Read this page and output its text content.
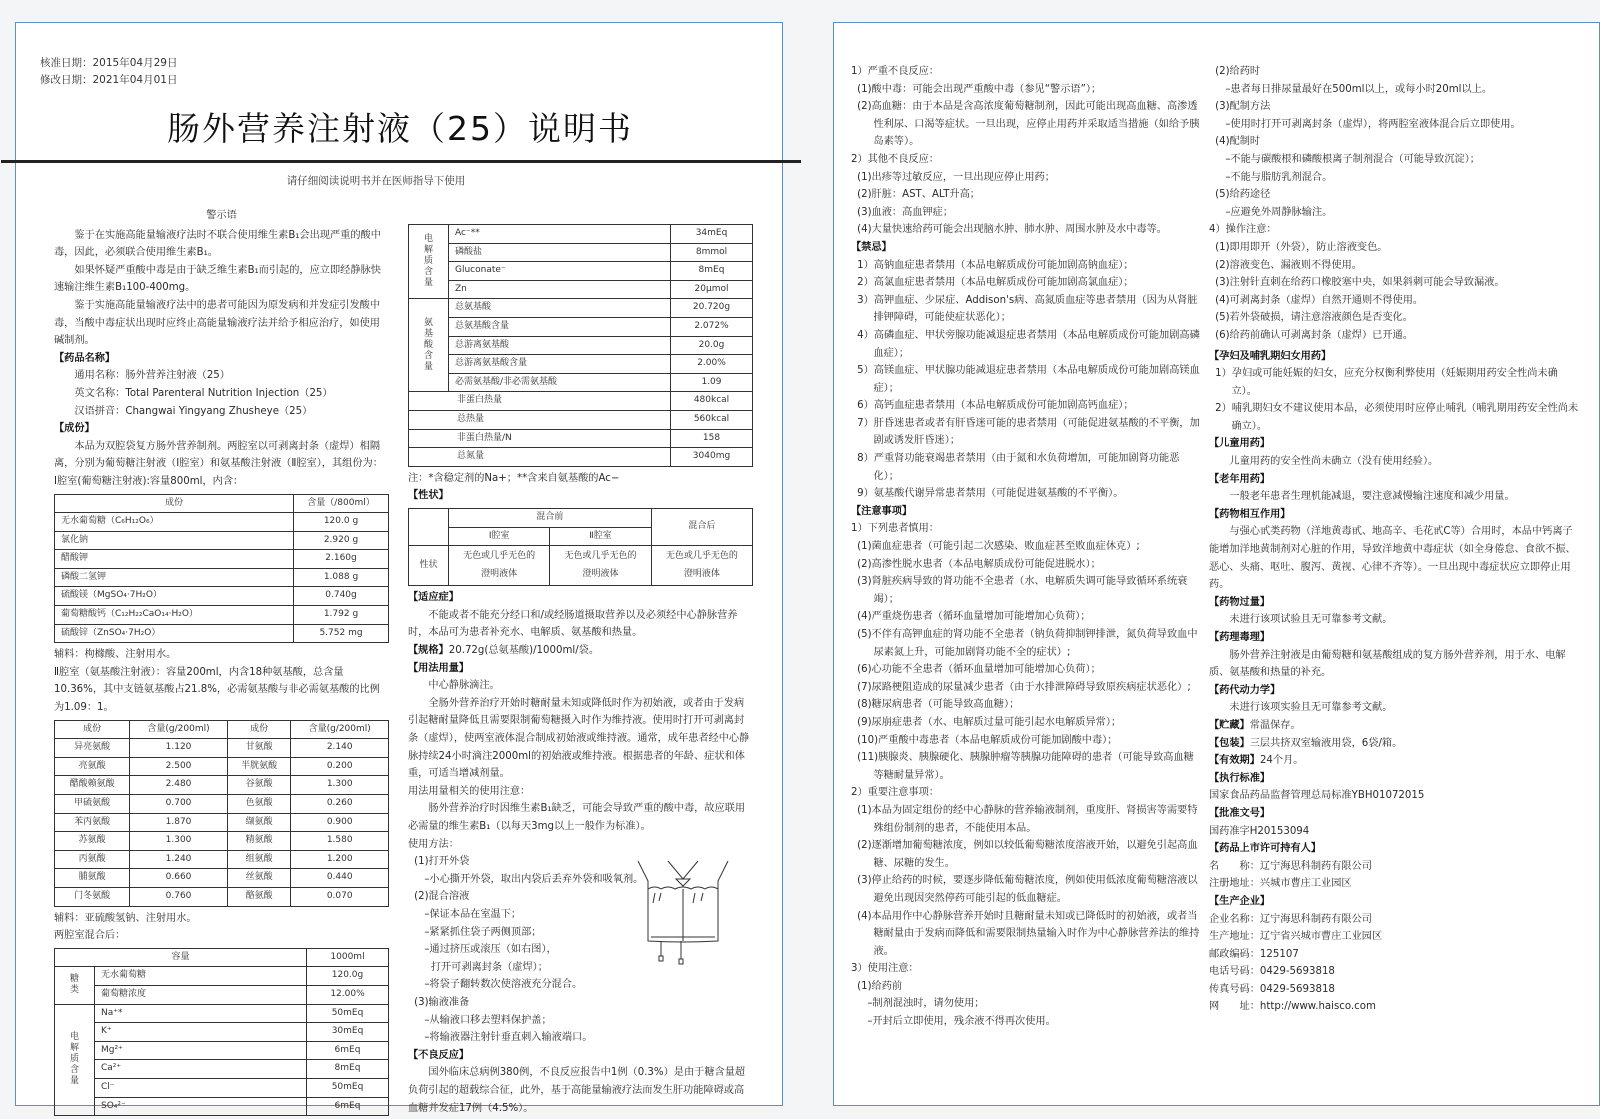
核准日期：2015年04月29日
修改日期：2021年04月01日
肠外营养注射液（25）说明书
请仔细阅读说明书并在医师指导下使用
警示语
鉴于在实施高能量输液疗法时不联合使用维生素B₁会出现严重的酸中毒，因此，必须联合使用维生素B₁。
如果怀疑严重酸中毒是由于缺乏维生素B₁而引起的，应立即经静脉快速输注维生素B₁100-400mg。
鉴于实施高能量输液疗法中的患者可能因为原发病和并发症引发酸中毒，当酸中毒症状出现时应终止高能量输液疗法并给予相应治疗，如使用碱制剂。
【药品名称】
通用名称：肠外营养注射液（25）
英文名称：Total Parenteral Nutrition Injection（25）
汉语拼音：Changwai Yingyang Zhusheye（25）
【成份】
本品为双腔袋复方肠外营养制剂。两腔室以可剥离封条（虚焊）相隔离，分别为葡萄糖注射液（Ⅰ腔室）和氨基酸注射液（Ⅱ腔室），其组份为：
Ⅰ腔室(葡萄糖注射液):容量800ml，内含：
成份	含量（/800ml）
无水葡萄糖（C₆H₁₂O₆）	120.0 g
氯化钠	2.920 g
醋酸钾	2.160g
磷酸二氢钾	1.088 g
硫酸镁（MgSO₄·7H₂O）	0.740g
葡萄糖酸钙（C₁₂H₂₂CaO₁₄·H₂O）	1.792 g
硫酸锌（ZnSO₄·7H₂O）	5.752 mg
辅料：枸橼酸、注射用水。
Ⅱ腔室（氨基酸注射液）：容量200ml，内含18种氨基酸，总含量10.36%，其中支链氨基酸占21.8%，必需氨基酸与非必需氨基酸的比例为1.09：1。
成份	含量(g/200ml)	成份	含量(g/200ml)
异亮氨酸	1.120	甘氨酸	2.140
亮氨酸	2.500	半胱氨酸	0.200
醋酸赖氨酸	2.480	谷氨酸	1.300
甲硫氨酸	0.700	色氨酸	0.260
苯丙氨酸	1.870	缬氨酸	0.900
苏氨酸	1.300	精氨酸	1.580
丙氨酸	1.240	组氨酸	1.200
脯氨酸	0.660	丝氨酸	0.440
门冬氨酸	0.760	酪氨酸	0.070
辅料：亚硫酸氢钠、注射用水。
两腔室混合后：
容量		1000ml

糖
类	无水葡萄糖	120.0g
	葡萄糖浓度	12.00%

电
解
质
含
量	Na⁺*	50mEq
	K⁺	30mEq
	Mg²⁺	6mEq
	Ca²⁺	8mEq
	Cl⁻	50mEq
	SO₄²⁻	6mEq
电
解
质
含
量	Ac⁻**	34mEq
	磷酸盐	8mmol
	Gluconate⁻	8mEq
	Zn	20μmol

氨
基
酸
含
量	总氨基酸	20.720g
	总氨基酸含量	2.072%
	总游离氨基酸	20.0g
	总游离氨基酸含量	2.00%
	必需氨基酸/非必需氨基酸	1.09
非蛋白热量		480kcal
总热量		560kcal
非蛋白热量/N		158
总氮量		3040mg
注：*含稳定剂的Na+；**含来自氨基酸的Ac−
【性状】
	混合前		混合后
	Ⅰ腔室	Ⅱ腔室	
性状	无色或几乎无色的澄明液体	无色或几乎无色的澄明液体	无色或几乎无色的澄明液体
【适应症】
不能或者不能充分经口和/或经肠道摄取营养以及必须经中心静脉营养时，本品可为患者补充水、电解质、氨基酸和热量。
【规格】20.72g(总氨基酸)/1000ml/袋。
【用法用量】
中心静脉滴注。
全肠外营养治疗开始时糖耐量未知或降低时作为初始液，或者由于发病引起糖耐量降低且需要限制葡萄糖摄入时作为维持液。使用时打开可剥离封条（虚焊），使两室液体混合制成初始液或维持液。通常，成年患者经中心静脉持续24小时滴注2000ml的初始液或维持液。根据患者的年龄、症状和体重，可适当增减剂量。
用法用量相关的使用注意：
肠外营养治疗时因维生素B₁缺乏，可能会导致严重的酸中毒，故应联用必需量的维生素B₁（以每天3mg以上一般作为标准）。
使用方法：
(1)打开外袋
–小心撕开外袋，取出内袋后丢弃外袋和吸氧剂。
(2)混合溶液
–保证本品在室温下；
–紧紧抓住袋子两侧顶部；
–通过挤压或滚压（如右图），
打开可剥离封条（虚焊）；
–将袋子翻转数次使溶液充分混合。
(3)输液准备
–从输液口移去塑料保护盖；
–将输液器注射针垂直刺入输液端口。
【不良反应】
国外临床总病例380例，不良反应报告中1例（0.3%）是由于糖含量超负荷引起的超载综合征，此外，基于高能量输液疗法而发生肝功能障碍或高血糖并发症17例（4.5%）。
1）严重不良反应：
(1)酸中毒：可能会出现严重酸中毒（参见“警示语”）；
(2)高血糖：由于本品是含高浓度葡萄糖制剂，因此可能出现高血糖、高渗透性利尿、口渴等症状。一旦出现，应停止用药并采取适当措施（如给予胰岛素等）。
2）其他不良反应：
(1)出疹等过敏反应，一旦出现应停止用药；
(2)肝脏：AST、ALT升高；
(3)血液：高血钾症；
(4)大量快速给药可能会出现脑水肿、肺水肿、周围水肿及水中毒等。
【禁忌】
1）高钠血症患者禁用（本品电解质成份可能加剧高钠血症）；
2）高氯血症患者禁用（本品电解质成份可能加剧高氯血症）；
3）高钾血症、少尿症、Addison's病、高氮质血症等患者禁用（因为从肾脏排钾障碍，可能使症状恶化）；
4）高磷血症、甲状旁腺功能减退症患者禁用（本品电解质成份可能加剧高磷血症）；
5）高镁血症、甲状腺功能减退症患者禁用（本品电解质成份可能加剧高镁血症）；
6）高钙血症患者禁用（本品电解质成份可能加剧高钙血症）；
7）肝昏迷患者或者有肝昏迷可能的患者禁用（可能促进氨基酸的不平衡，加剧或诱发肝昏迷）；
8）严重肾功能衰竭患者禁用（由于氮和水负荷增加，可能加剧肾功能恶化）；
9）氨基酸代谢异常患者禁用（可能促进氨基酸的不平衡）。
【注意事项】
1）下列患者慎用：
(1)菌血症患者（可能引起二次感染、败血症甚至败血症休克）;
(2)高渗性脱水患者（本品电解质成份可能促进脱水）；
(3)肾脏疾病导致的肾功能不全患者（水、电解质失调可能导致循环系统衰竭）；
(4)严重烧伤患者（循环血量增加可能增加心负荷）；
(5)不伴有高钾血症的肾功能不全患者（钠负荷抑制钾排泄，氮负荷导致血中尿素氮上升，可能加剧肾功能不全的症状）;
(6)心功能不全患者（循环血量增加可能增加心负荷）；
(7)尿路梗阻造成的尿量减少患者（由于水排泄障碍导致原疾病症状恶化）;
(8)糖尿病患者（可能导致高血糖）；
(9)尿崩症患者（水、电解质过量可能引起水电解质异常）；
(10)严重酸中毒患者（本品电解质成份可能加剧酸中毒）；
(11)胰腺炎、胰腺硬化、胰腺肿瘤等胰腺功能障碍的患者（可能导致高血糖等糖耐量异常）。
2）重要注意事项：
(1)本品为固定组份的经中心静脉的营养输液制剂，重度肝、肾损害等需要特殊组份制剂的患者，不能使用本品。
(2)逐渐增加葡萄糖浓度，例如以较低葡萄糖浓度溶液开始，以避免引起高血糖、尿糖的发生。
(3)停止给药的时候，要逐步降低葡萄糖浓度，例如使用低浓度葡萄糖溶液以避免出现因突然停药可能引起的低血糖症。
(4)本品用作中心静脉营养开始时且糖耐量未知或已降低时的初始液，或者当糖耐量由于发病而降低和需要限制热量输入时作为中心静脉营养法的维持液。
3）使用注意：
(1)给药前
–制剂混浊时，请勿使用；
–开封后立即使用，残余液不得再次使用。
(2)给药时
–患者每日排尿量最好在500ml以上，或每小时20ml以上。
(3)配制方法
–使用时打开可剥离封条（虚焊），将两腔室液体混合后立即使用。
(4)配制时
–不能与碳酸根和磷酸根离子制剂混合（可能导致沉淀）；
–不能与脂肪乳剂混合。
(5)给药途径
–应避免外周静脉输注。
4）操作注意：
(1)即用即开（外袋），防止溶液变色。
(2)溶液变色、漏液则不得使用。
(3)注射针直刺在给药口橡胶塞中央，如果斜刺可能会导致漏液。
(4)可剥离封条（虚焊）自然开通则不得使用。
(5)若外袋破损，请注意溶液颜色是否变化。
(6)给药前确认可剥离封条（虚焊）已开通。
【孕妇及哺乳期妇女用药】
1）孕妇或可能妊娠的妇女，应充分权衡利弊使用（妊娠期用药安全性尚未确立）。
2）哺乳期妇女不建议使用本品，必须使用时应停止哺乳（哺乳期用药安全性尚未确立）。
【儿童用药】
儿童用药的安全性尚未确立（没有使用经验）。
【老年用药】
一般老年患者生理机能减退，要注意减慢输注速度和减少用量。
【药物相互作用】
与强心甙类药物（洋地黄毒甙、地高辛、毛花甙C等）合用时，本品中钙离子能增加洋地黄制剂对心脏的作用，导致洋地黄中毒症状（如全身倦怠、食欲不振、恶心、头痛、呕吐、腹泻、黄视、心律不齐等）。一旦出现中毒症状应立即停止用药。
【药物过量】
未进行该项试验且无可靠参考文献。
【药理毒理】
肠外营养注射液是由葡萄糖和氨基酸组成的复方肠外营养剂，用于水、电解质、氨基酸和热量的补充。
【药代动力学】
未进行该项实验且无可靠参考文献。
【贮藏】常温保存。
【包装】三层共挤双室输液用袋，6袋/箱。
【有效期】24个月。
【执行标准】
国家食品药品监督管理总局标准YBH01072015
【批准文号】
国药准字H20153094
【药品上市许可持有人】
名　　称：辽宁海思科制药有限公司
注册地址：兴城市曹庄工业园区
【生产企业】
企业名称：辽宁海思科制药有限公司
生产地址：辽宁省兴城市曹庄工业园区
邮政编码：125107
电话号码：0429-5693818
传真号码：0429-5693818
网　　址：http://www.haisco.com
